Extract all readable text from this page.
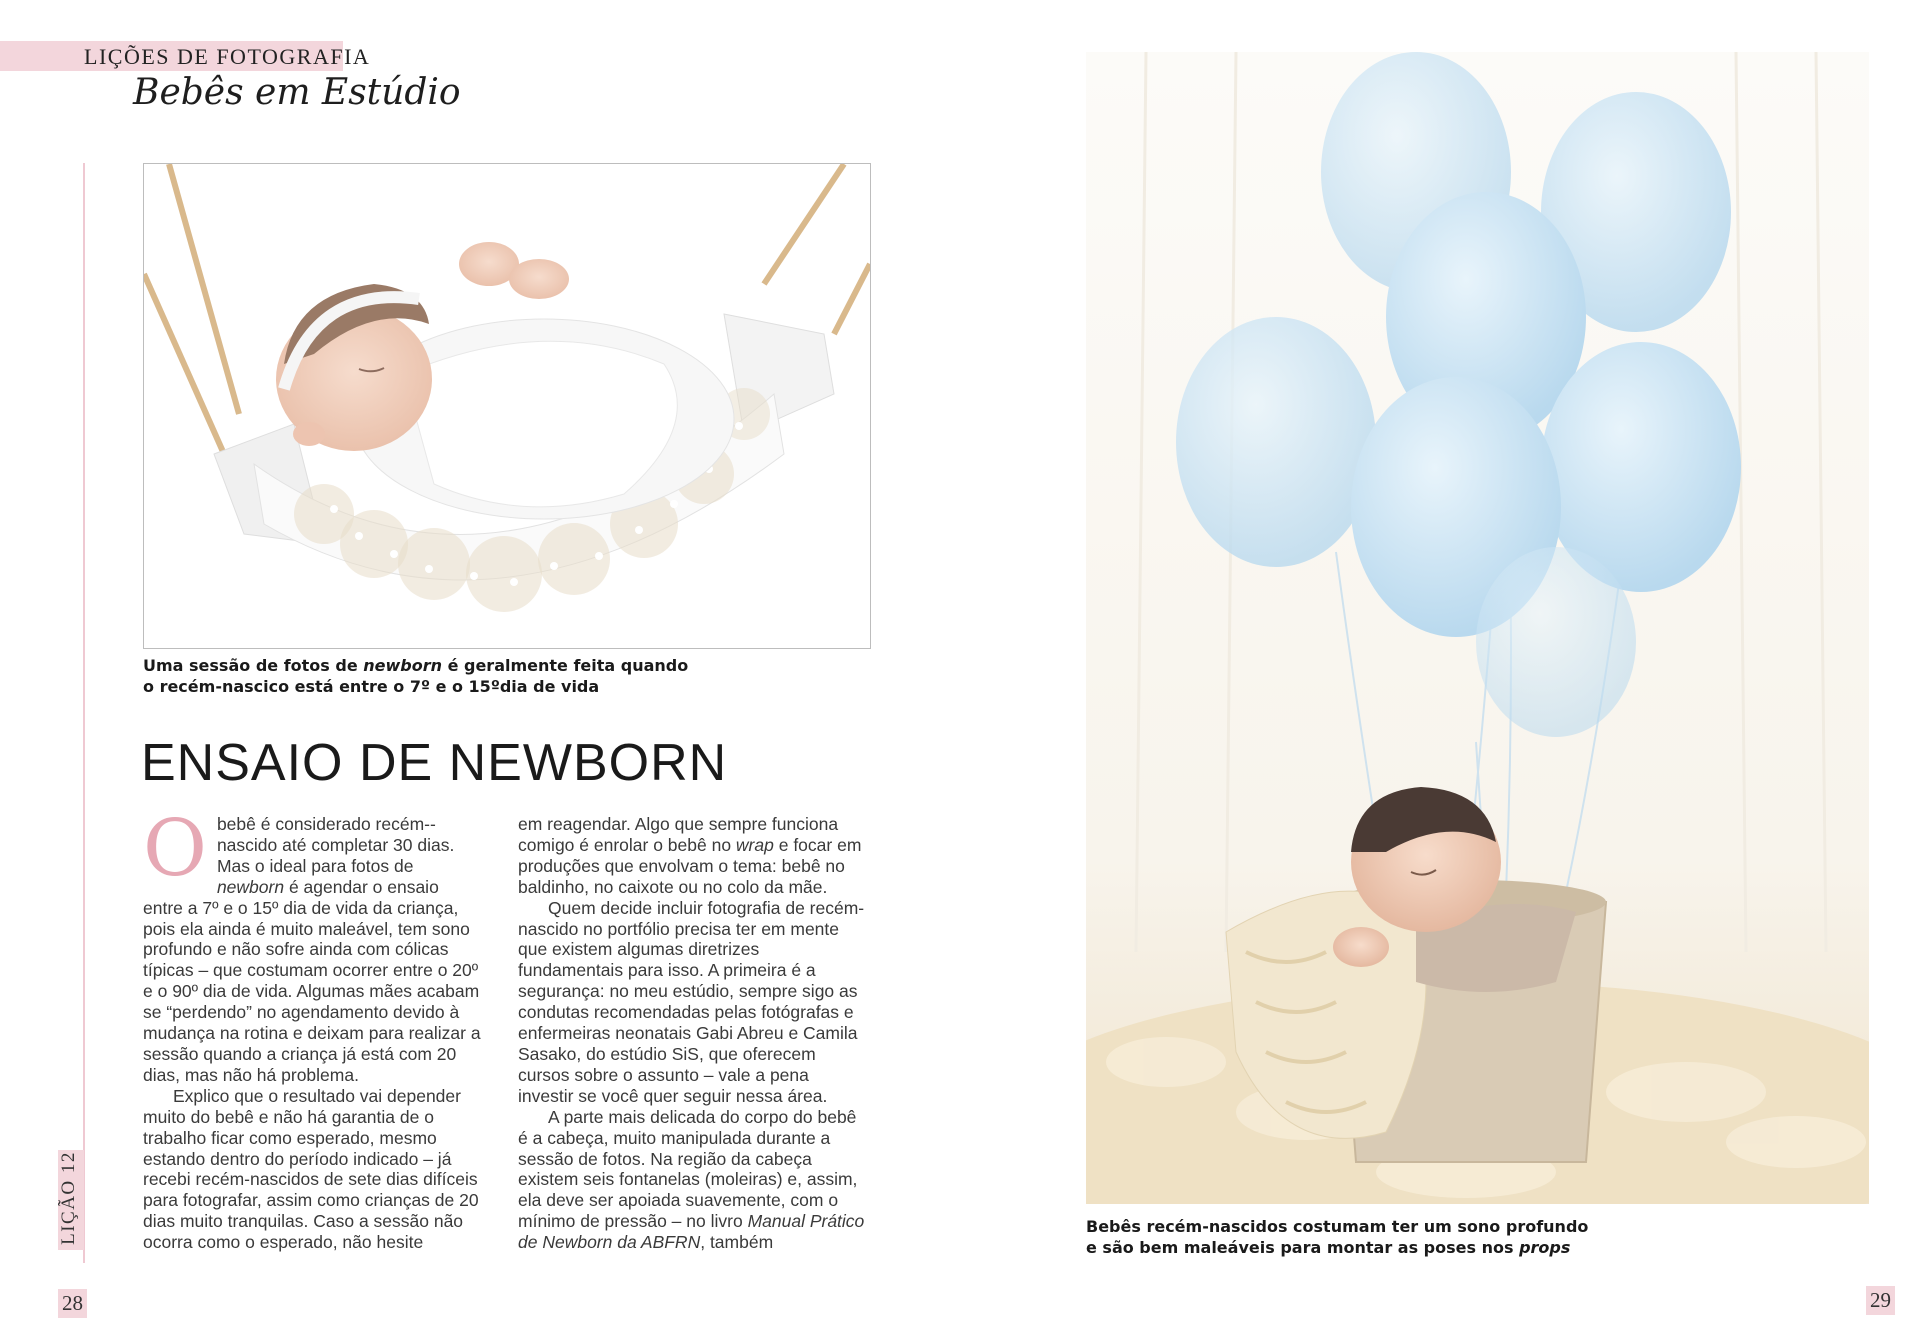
LIÇÕES DE FOTOGRAFIA
Bebês em Estúdio
LIÇÃO 12
Uma sessão de fotos de newborn é geralmente feita quando
o recém-nascico está entre o 7º e o 15ºdia de vida
ENSAIO DE NEWBORN

Obebê é considerado recém--nascido até completar 30 dias. Mas o ideal para fotos de newborn é agendar o ensaio entre a 7º e o 15º dia de vida da criança, pois ela ainda é muito maleável, tem sono profundo e não sofre ainda com cólicas típicas – que costumam ocorrer entre o 20º e o 90º dia de vida. Algumas mães acabam se “perdendo” no agendamento devido à mudança na rotina e deixam para realizar a sessão quando a criança já está com 20 dias, mas não há problema.

Explico que o resultado vai depender muito do bebê e não há garantia de o trabalho ficar como esperado, mesmo estando dentro do período indicado – já recebi recém-nascidos de sete dias difíceis para fotografar, assim como crianças de 20 dias muito tranquilas. Caso a sessão não ocorra como o esperado, não hesite

em reagendar. Algo que sempre funciona comigo é enrolar o bebê no wrap e focar em produções que envolvam o tema: bebê no baldinho, no caixote ou no colo da mãe.

Quem decide incluir fotografia de recém-nascido no portfólio precisa ter em mente que existem algumas diretrizes fundamentais para isso. A primeira é a segurança: no meu estúdio, sempre sigo as condutas recomendadas pelas fotógrafas e enfermeiras neonatais Gabi Abreu e Camila Sasako, do estúdio SiS, que oferecem cursos sobre o assunto – vale a pena investir se você quer seguir nessa área.

A parte mais delicada do corpo do bebê é a cabeça, muito manipulada durante a sessão de fotos. Na região da cabeça existem seis fontanelas (moleiras) e, assim, ela deve ser apoiada suavemente, com o mínimo de pressão – no livro Manual Prático de Newborn da ABFRN, também

Bebês recém-nascidos costumam ter um sono profundo
e são bem maleáveis para montar as poses nos props
28	29
